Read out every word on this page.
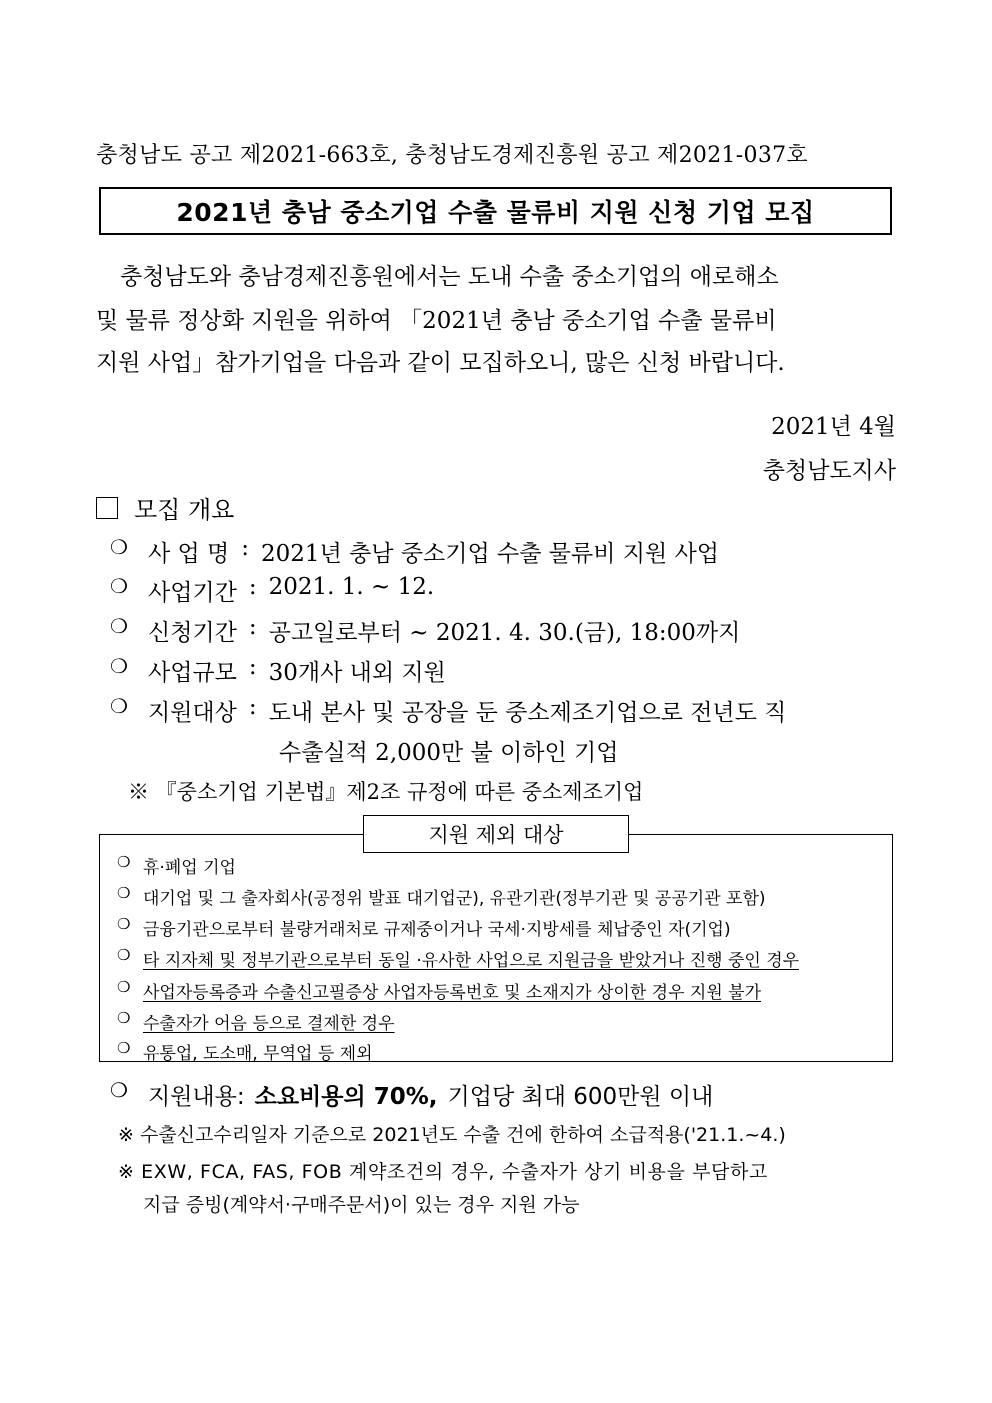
충청남도 공고 제2021-663호, 충청남도경제진흥원 공고 제2021-037호
2021년 충남 중소기업 수출 물류비 지원 신청 기업 모집
충청남도와 충남경제진흥원에서는 도내 수출 중소기업의 애로해소
및 물류 정상화 지원을 위하여 「2021년 충남 중소기업 수출 물류비
지원 사업」참가기업을 다음과 같이 모집하오니, 많은 신청 바랍니다.
2021년 4월
충청남도지사
모집 개요
❍ 사 업 명 : 2021년 충남 중소기업 수출 물류비 지원 사업
❍ 사업기간 : 2021. 1. ~ 12.
❍ 신청기간 : 공고일로부터 ~ 2021. 4. 30.(금), 18:00까지
❍ 사업규모 : 30개사 내외 지원
❍ 지원대상 : 도내 본사 및 공장을 둔 중소제조기업으로 전년도 직
수출실적 2,000만 불 이하인 기업
※ 『중소기업 기본법』제2조 규정에 따른 중소제조기업
지원 제외 대상
❍ 휴·폐업 기업
❍ 대기업 및 그 출자회사(공정위 발표 대기업군), 유관기관(정부기관 및 공공기관 포함)
❍ 금융기관으로부터 불량거래처로 규제중이거나 국세·지방세를 체납중인 자(기업)
❍ 타 지자체 및 정부기관으로부터 동일 ·유사한 사업으로 지원금을 받았거나 진행 중인 경우
❍ 사업자등록증과 수출신고필증상 사업자등록번호 및 소재지가 상이한 경우 지원 불가
❍ 수출자가 어음 등으로 결제한 경우
❍ 유통업, 도소매, 무역업 등 제외
❍ 지원내용: 소요비용의 70%, 기업당 최대 600만원 이내
※ 수출신고수리일자 기준으로 2021년도 수출 건에 한하여 소급적용('21.1.~4.)
※ EXW, FCA, FAS, FOB 계약조건의 경우, 수출자가 상기 비용을 부담하고
지급 증빙(계약서·구매주문서)이 있는 경우 지원 가능
